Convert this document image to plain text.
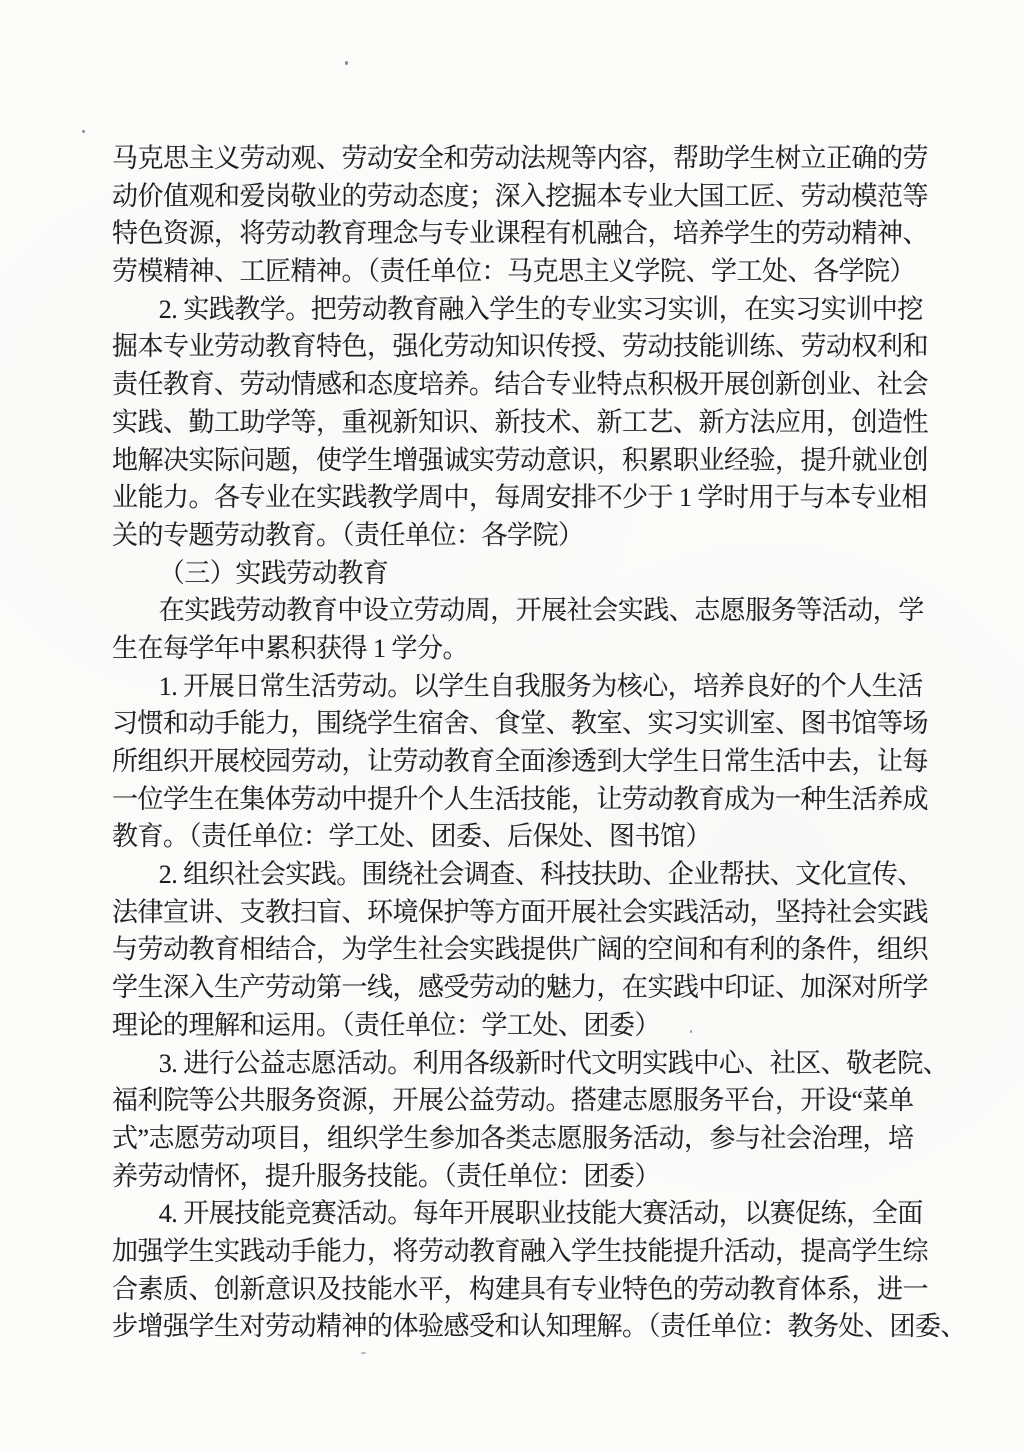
马克思主义劳动观、劳动安全和劳动法规等内容，帮助学生树立正确的劳
动价值观和爱岗敬业的劳动态度；深入挖掘本专业大国工匠、劳动模范等
特色资源，将劳动教育理念与专业课程有机融合，培养学生的劳动精神、
劳模精神、工匠精神。（责任单位：马克思主义学院、学工处、各学院）
2. 实践教学。把劳动教育融入学生的专业实习实训，在实习实训中挖
掘本专业劳动教育特色，强化劳动知识传授、劳动技能训练、劳动权利和
责任教育、劳动情感和态度培养。结合专业特点积极开展创新创业、社会
实践、勤工助学等，重视新知识、新技术、新工艺、新方法应用，创造性
地解决实际问题，使学生增强诚实劳动意识，积累职业经验，提升就业创
业能力。各专业在实践教学周中，每周安排不少于 1 学时用于与本专业相
关的专题劳动教育。（责任单位：各学院）
（三）实践劳动教育
在实践劳动教育中设立劳动周，开展社会实践、志愿服务等活动，学
生在每学年中累积获得 1 学分。
1. 开展日常生活劳动。以学生自我服务为核心，培养良好的个人生活
习惯和动手能力，围绕学生宿舍、食堂、教室、实习实训室、图书馆等场
所组织开展校园劳动，让劳动教育全面渗透到大学生日常生活中去，让每
一位学生在集体劳动中提升个人生活技能，让劳动教育成为一种生活养成
教育。（责任单位：学工处、团委、后保处、图书馆）
2. 组织社会实践。围绕社会调查、科技扶助、企业帮扶、文化宣传、
法律宣讲、支教扫盲、环境保护等方面开展社会实践活动，坚持社会实践
与劳动教育相结合，为学生社会实践提供广阔的空间和有利的条件，组织
学生深入生产劳动第一线，感受劳动的魅力，在实践中印证、加深对所学
理论的理解和运用。（责任单位：学工处、团委）
3. 进行公益志愿活动。利用各级新时代文明实践中心、社区、敬老院、
福利院等公共服务资源，开展公益劳动。搭建志愿服务平台，开设“菜单
式”志愿劳动项目，组织学生参加各类志愿服务活动，参与社会治理，培
养劳动情怀，提升服务技能。（责任单位：团委）
4. 开展技能竞赛活动。每年开展职业技能大赛活动，以赛促练，全面
加强学生实践动手能力，将劳动教育融入学生技能提升活动，提高学生综
合素质、创新意识及技能水平，构建具有专业特色的劳动教育体系，进一
步增强学生对劳动精神的体验感受和认知理解。（责任单位：教务处、团委、
